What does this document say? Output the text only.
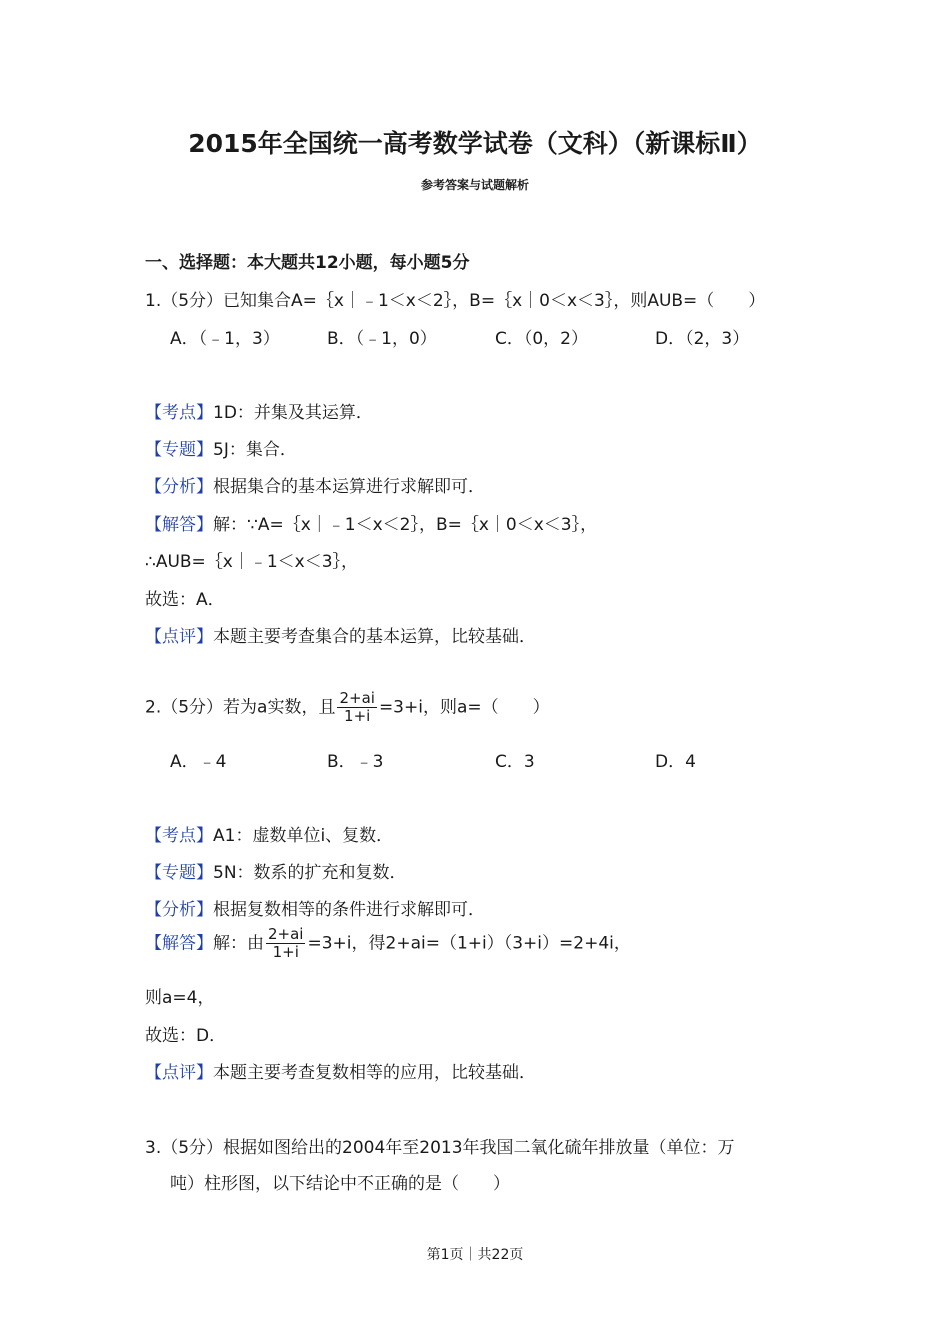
2015年全国统一高考数学试卷（文科）（新课标Ⅱ）
参考答案与试题解析
一、选择题：本大题共12小题，每小题5分
1.（5分）已知集合A=｛x｜﹣1＜x＜2｝，B=｛x｜0＜x＜3｝，则AUB=（　　）
A．（﹣1，3）	B．（﹣1，0）	C．（0，2）	D．（2，3）
【考点】1D：并集及其运算．
【专题】5J：集合．
【分析】根据集合的基本运算进行求解即可．
【解答】解：∵A=｛x｜﹣1＜x＜2｝，B=｛x｜0＜x＜3｝，
∴AUB=｛x｜﹣1＜x＜3｝，
故选：A．
【点评】本题主要考查集合的基本运算，比较基础．
2.（5分）若为a实数，且 $\frac{2+ai}{1+i} =3+i$，则a=（　　）
A．﹣4	B．﹣3	C．3	D．4
【考点】A1：虚数单位i、复数．
【专题】5N：数系的扩充和复数．
【分析】根据复数相等的条件进行求解即可．
【解答】解：由 $\frac{2+ai}{1+i} =3+i$，得2+ai=（1+i）（3+i）=2+4i，
则a=4，
故选：D．
【点评】本题主要考查复数相等的应用，比较基础．
3.（5分）根据如图给出的2004年至2013年我国二氧化硫年排放量（单位：万
吨）柱形图，以下结论中不正确的是（　　）
第1页｜共22页
